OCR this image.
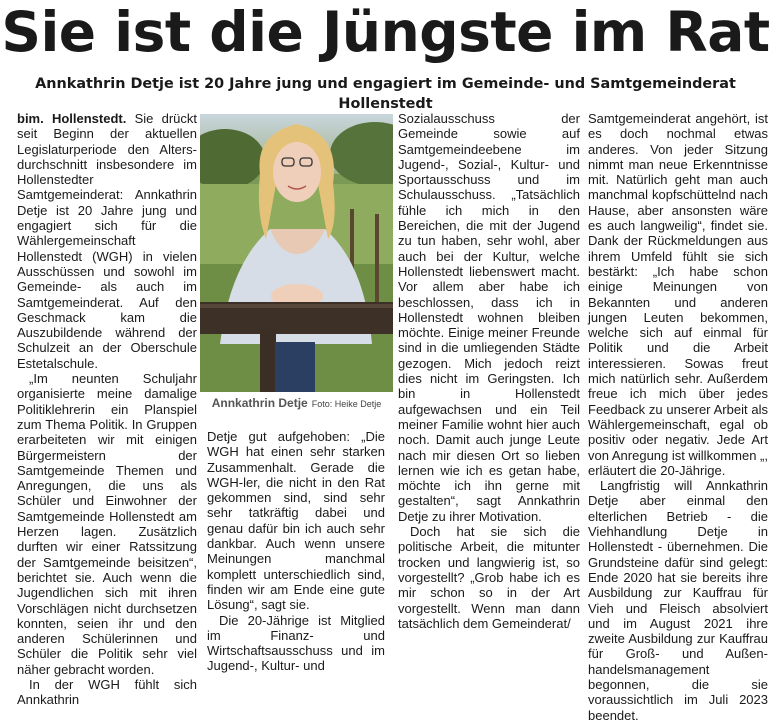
Sie ist die Jüngste im Rat
Annkathrin Detje ist 20 Jahre jung und engagiert im Gemeinde- und Samtgemeinderat Hollenstedt

bim. Hollenstedt. Sie drückt seit Beginn der aktuellen Legislaturperiode den Altersdurchschnitt insbesondere im Hollenstedter Samtgemeinderat: Annkathrin Detje ist 20 Jahre jung und engagiert sich für die Wählergemeinschaft Hollenstedt (WGH) in vielen Ausschüssen und sowohl im Gemeinde- als auch im Samtgemeinderat. Auf den Geschmack kam die Auszubildende während der Schulzeit an der Oberschule Estetalschule.

„Im neunten Schuljahr organisierte meine damalige Politiklehrerin ein Planspiel zum Thema Politik. In Gruppen erarbeiteten wir mit einigen Bürgermeistern der Samtgemeinde Themen und Anregungen, die uns als Schüler und Einwohner der Samtgemeinde Hollenstedt am Herzen lagen. Zusätzlich durften wir einer Ratssitzung der Samtgemeinde beisitzen“, berichtet sie. Auch wenn die Jugendlichen sich mit ihren Vorschlägen nicht durchsetzen konnten, seien ihr und den anderen Schülerinnen und Schüler die Politik sehr viel näher gebracht worden.

In der WGH fühlt sich Annkathrin

Annkathrin Detje Foto: Heike Detje

Detje gut aufgehoben: „Die WGH hat einen sehr starken Zusammenhalt. Gerade die WGH-ler, die nicht in den Rat gekommen sind, sind sehr sehr tatkräftig dabei und genau dafür bin ich auch sehr dankbar. Auch wenn unsere Meinungen manchmal komplett unterschiedlich sind, finden wir am Ende eine gute Lösung“, sagt sie.

Die 20-Jährige ist Mitglied im Finanz- und Wirtschaftsausschuss und im Jugend-, Kultur- und

Sozialausschuss der Gemeinde sowie auf Samtgemeindeebene im Jugend-, Sozial-, Kultur- und Sportausschuss und im Schulausschuss. „Tatsächlich fühle ich mich in den Bereichen, die mit der Jugend zu tun haben, sehr wohl, aber auch bei der Kultur, welche Hollenstedt liebenswert macht. Vor allem aber habe ich beschlossen, dass ich in Hollenstedt wohnen bleiben möchte. Einige meiner Freunde sind in die umliegenden Städte gezogen. Mich jedoch reizt dies nicht im Geringsten. Ich bin in Hollenstedt aufgewachsen und ein Teil meiner Familie wohnt hier auch noch. Damit auch junge Leute nach mir diesen Ort so lieben lernen wie ich es getan habe, möchte ich ihn gerne mit gestalten“, sagt Annkathrin Detje zu ihrer Motivation.

Doch hat sie sich die politische Arbeit, die mitunter trocken und langwierig ist, so vorgestellt? „Grob habe ich es mir schon so in der Art vorgestellt. Wenn man dann tatsächlich dem Gemeinderat/

Samtgemeinderat angehört, ist es doch nochmal etwas anderes. Von jeder Sitzung nimmt man neue Erkenntnisse mit. Natürlich geht man auch manchmal kopfschüttelnd nach Hause, aber ansonsten wäre es auch langweilig“, findet sie. Dank der Rückmeldungen aus ihrem Umfeld fühlt sie sich bestärkt: „Ich habe schon einige Meinungen von Bekannten und anderen jungen Leuten bekommen, welche sich auf einmal für Politik und die Arbeit interessieren. Sowas freut mich natürlich sehr. Außerdem freue ich mich über jedes Feedback zu unserer Arbeit als Wählergemeinschaft, egal ob positiv oder negativ. Jede Art von Anregung ist willkommen „, erläutert die 20-Jährige.

Langfristig will Annkathrin Detje aber einmal den elterlichen Betrieb - die Viehhandlung Detje in Hollenstedt - übernehmen. Die Grundsteine dafür sind gelegt: Ende 2020 hat sie bereits ihre Ausbildung zur Kauffrau für Vieh und Fleisch absolviert und im August 2021 ihre zweite Ausbildung zur Kauffrau für Groß- und Außenhandelsmanagement begonnen, die sie voraussichtlich im Juli 2023 beendet.
